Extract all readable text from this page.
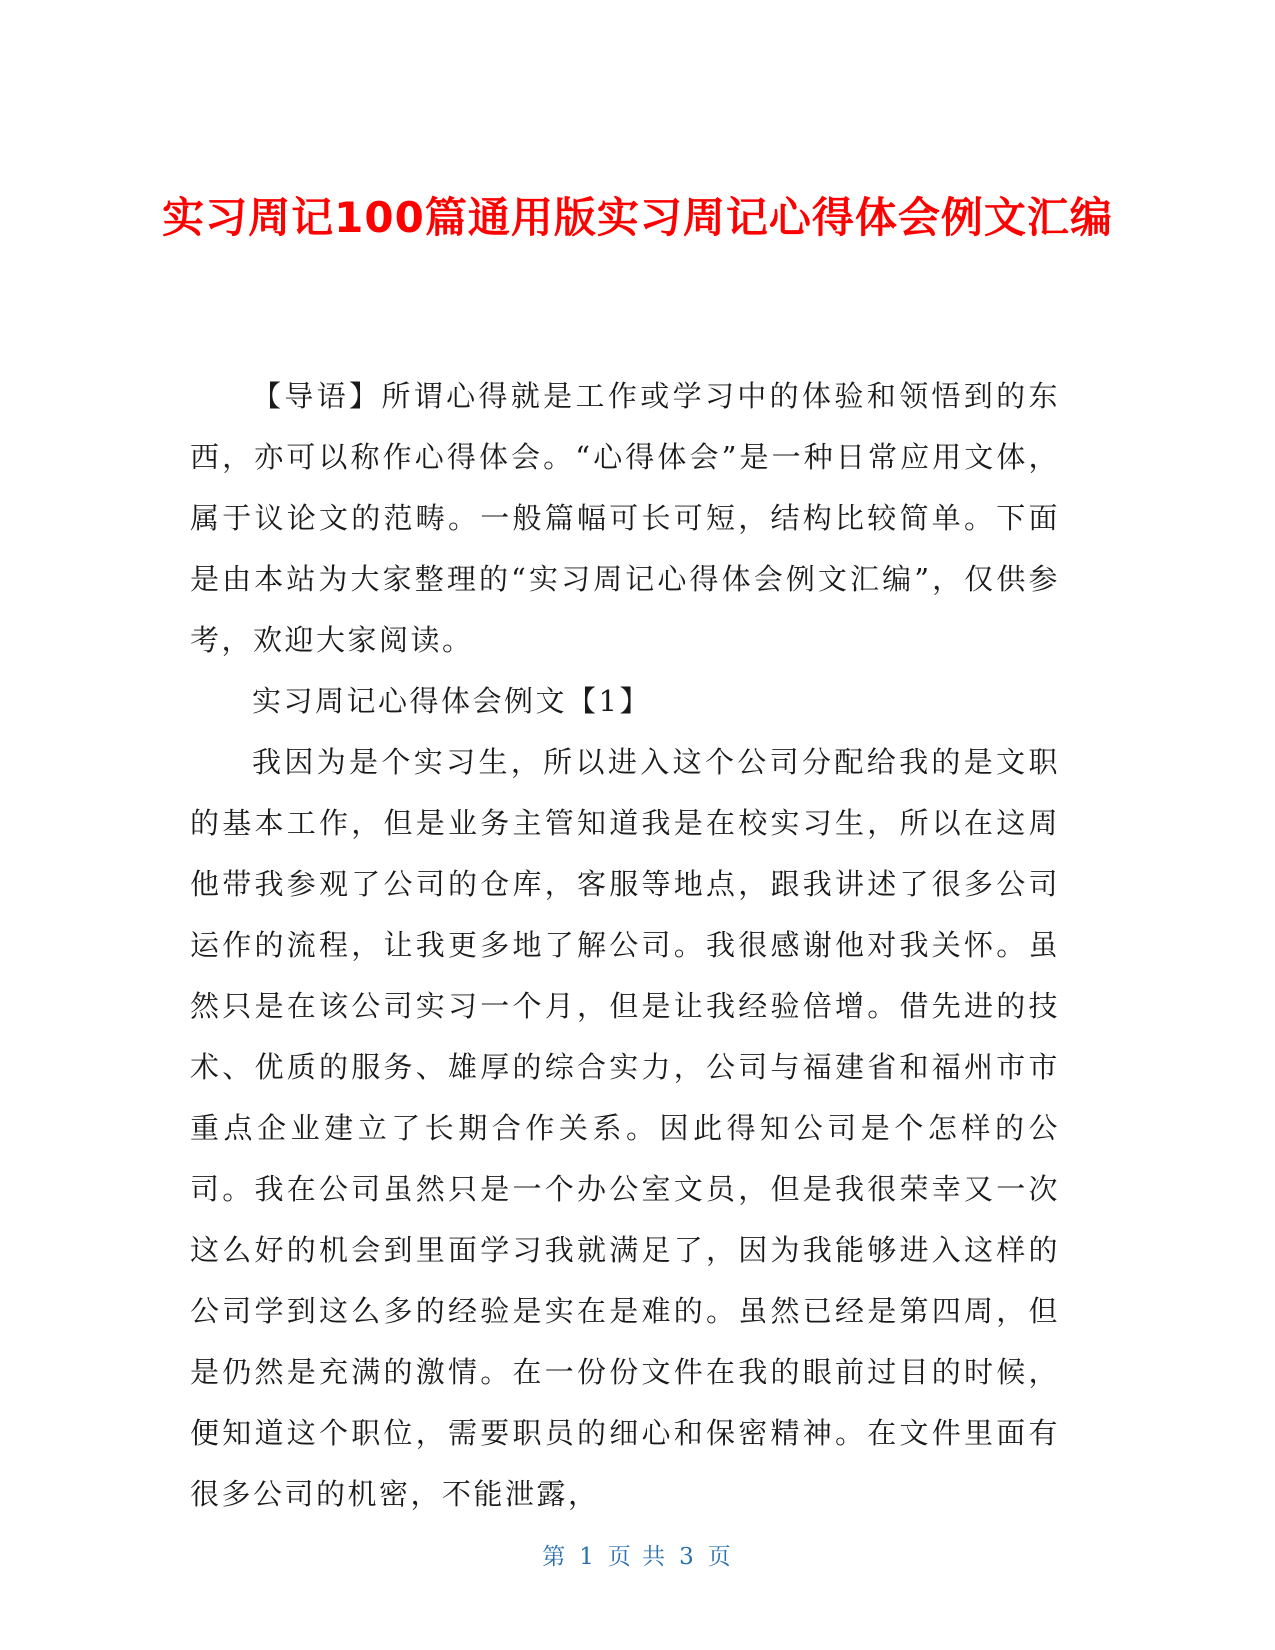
实习周记100篇通用版实习周记心得体会例文汇编

【导语】所谓心得就是工作或学习中的体验和领悟到的东西，亦可以称作心得体会。“心得体会”是一种日常应用文体，属于议论文的范畴。一般篇幅可长可短，结构比较简单。下面是由本站为大家整理的“实习周记心得体会例文汇编”，仅供参考，欢迎大家阅读。

实习周记心得体会例文【1】

我因为是个实习生，所以进入这个公司分配给我的是文职的基本工作，但是业务主管知道我是在校实习生，所以在这周他带我参观了公司的仓库，客服等地点，跟我讲述了很多公司运作的流程，让我更多地了解公司。我很感谢他对我关怀。虽然只是在该公司实习一个月，但是让我经验倍增。借先进的技术、优质的服务、雄厚的综合实力，公司与福建省和福州市市重点企业建立了长期合作关系。因此得知公司是个怎样的公司。我在公司虽然只是一个办公室文员，但是我很荣幸又一次这么好的机会到里面学习我就满足了，因为我能够进入这样的公司学到这么多的经验是实在是难的。虽然已经是第四周，但是仍然是充满的激情。在一份份文件在我的眼前过目的时候，便知道这个职位，需要职员的细心和保密精神。在文件里面有很多公司的机密，不能泄露，

第 1 页 共 3 页
